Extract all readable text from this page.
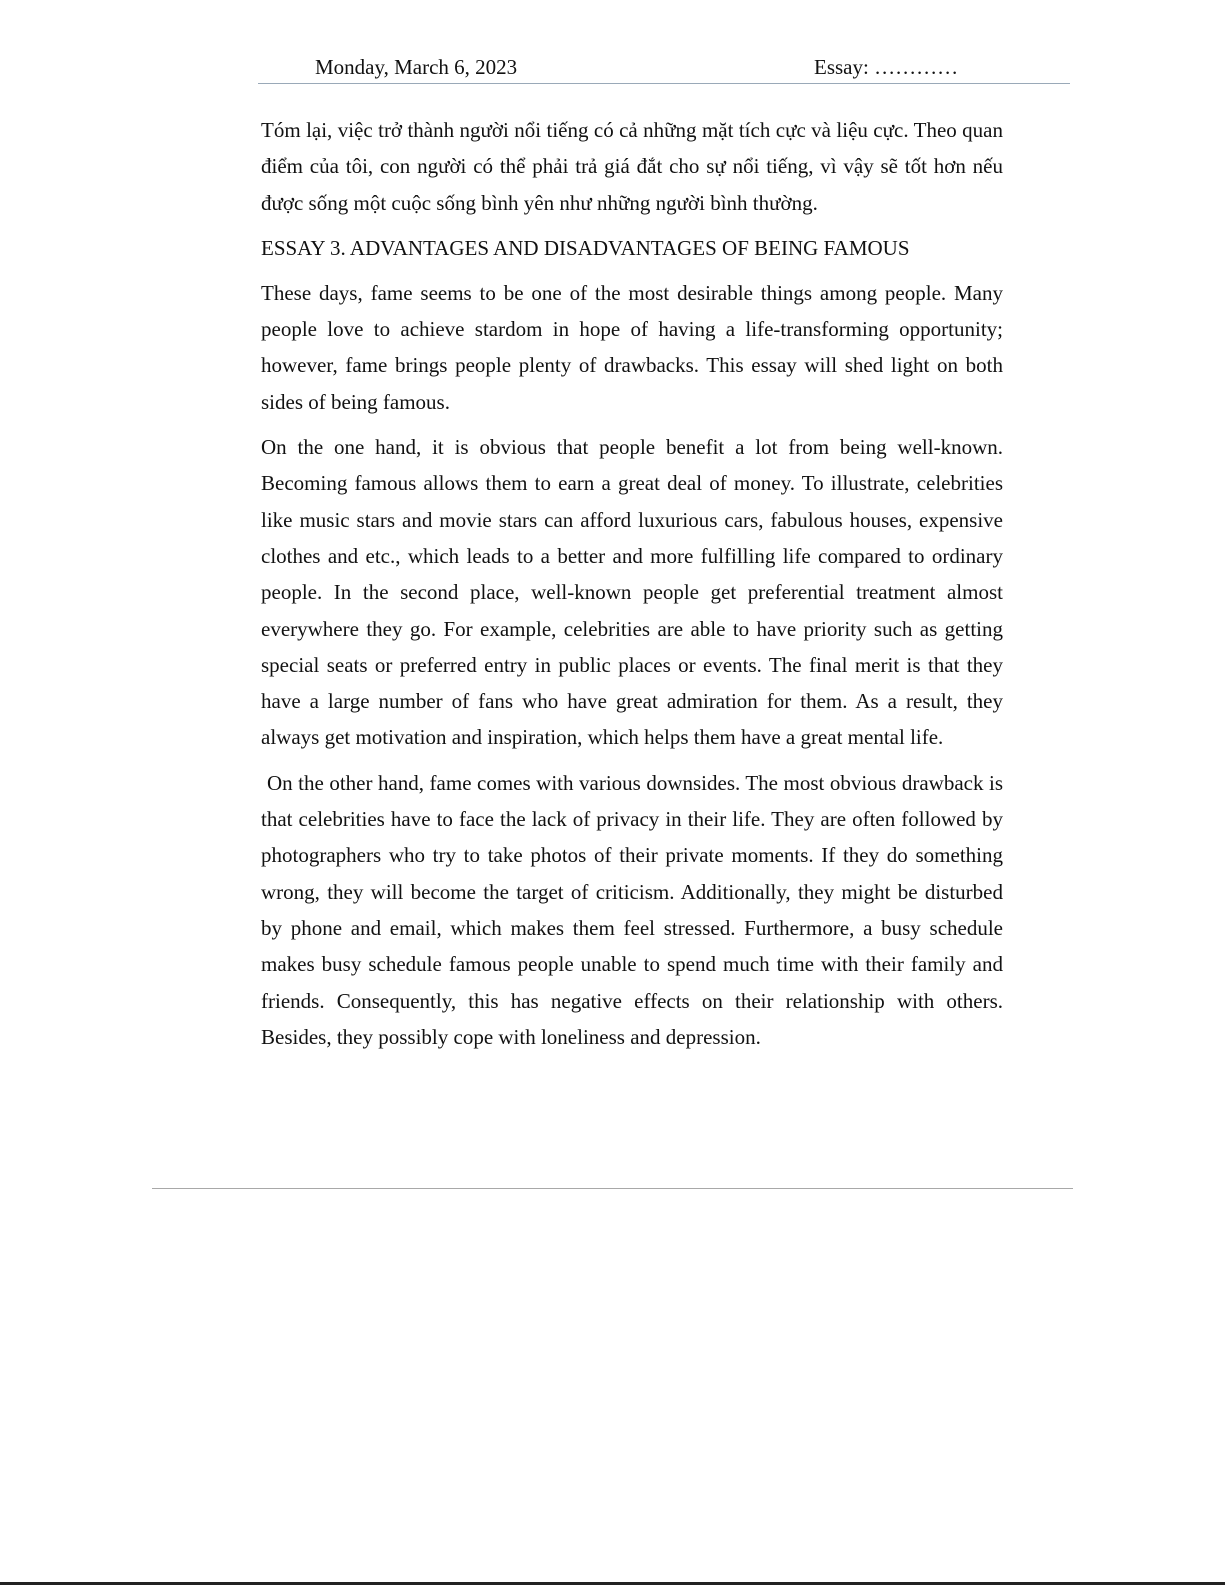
Monday, March 6, 2023	Essay: …………

Tóm lại, việc trở thành người nổi tiếng có cả những mặt tích cực và liệu cực. Theo quan điểm của tôi, con người có thể phải trả giá đắt cho sự nổi tiếng, vì vậy sẽ tốt hơn nếu được sống một cuộc sống bình yên như những người bình thường.

ESSAY 3. ADVANTAGES AND DISADVANTAGES OF BEING FAMOUS

These days, fame seems to be one of the most desirable things among people. Many people love to achieve stardom in hope of having a life-transforming opportunity; however, fame brings people plenty of drawbacks. This essay will shed light on both sides of being famous.

On the one hand, it is obvious that people benefit a lot from being well-known. Becoming famous allows them to earn a great deal of money. To illustrate, celebrities like music stars and movie stars can afford luxurious cars, fabulous houses, expensive clothes and etc., which leads to a better and more fulfilling life compared to ordinary people. In the second place, well-known people get preferential treatment almost everywhere they go. For example, celebrities are able to have priority such as getting special seats or preferred entry in public places or events. The final merit is that they have a large number of fans who have great admiration for them. As a result, they always get motivation and inspiration, which helps them have a great mental life.

On the other hand, fame comes with various downsides. The most obvious drawback is that celebrities have to face the lack of privacy in their life. They are often followed by photographers who try to take photos of their private moments. If they do something wrong, they will become the target of criticism. Additionally, they might be disturbed by phone and email, which makes them feel stressed. Furthermore, a busy schedule makes busy schedule famous people unable to spend much time with their family and friends. Consequently, this has negative effects on their relationship with others. Besides, they possibly cope with loneliness and depression.
